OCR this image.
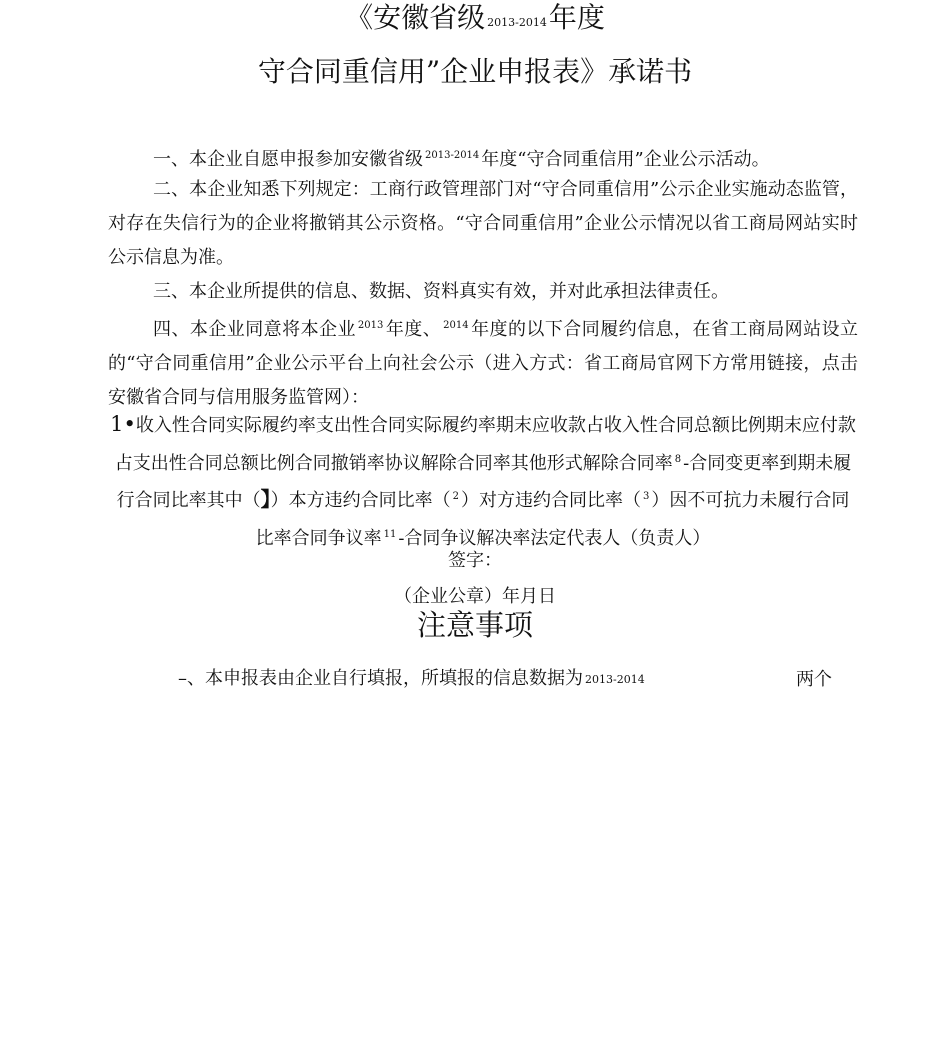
《安徽省级 2013-2014年度
守合同重信用”企业申报表》承诺书

一、本企业自愿申报参加安徽省级 $^{2013-2014}$ 年度“守合同重信用”企业公示活动。

二、本企业知悉下列规定：工商行政管理部门对“守合同重信用”公示企业实施动态监管，对存在失信行为的企业将撤销其公示资格。“守合同重信用”企业公示情况以省工商局网站实时公示信息为准。

三、本企业所提供的信息、数据、资料真实有效，并对此承担法律责任。

四、本企业同意将本企业 $^{2013}$ 年度、 $^{2014}$ 年度的以下合同履约信息，在省工商局网站设立的“守合同重信用”企业公示平台上向社会公示（进入方式：省工商局官网下方常用链接，点击安徽省合同与信用服务监管网）：

1•收入性合同实际履约率支出性合同实际履约率期末应收款占收入性合同总额比例期末应付款占支出性合同总额比例合同撤销率协议解除合同率其他形式解除合同率 $^8$ -合同变更率到期未履行合同比率其中（】）本方违约合同比率（ $^2$ ）对方违约合同比率（ $^3$ ）因不可抗力未履行合同比率合同争议率 $^{11}$ -合同争议解决率法定代表人（负责人）
签字：
（企业公章）年月日
注意事项
–、本申报表由企业自行填报，所填报的信息数据为 2013-2014	两个
